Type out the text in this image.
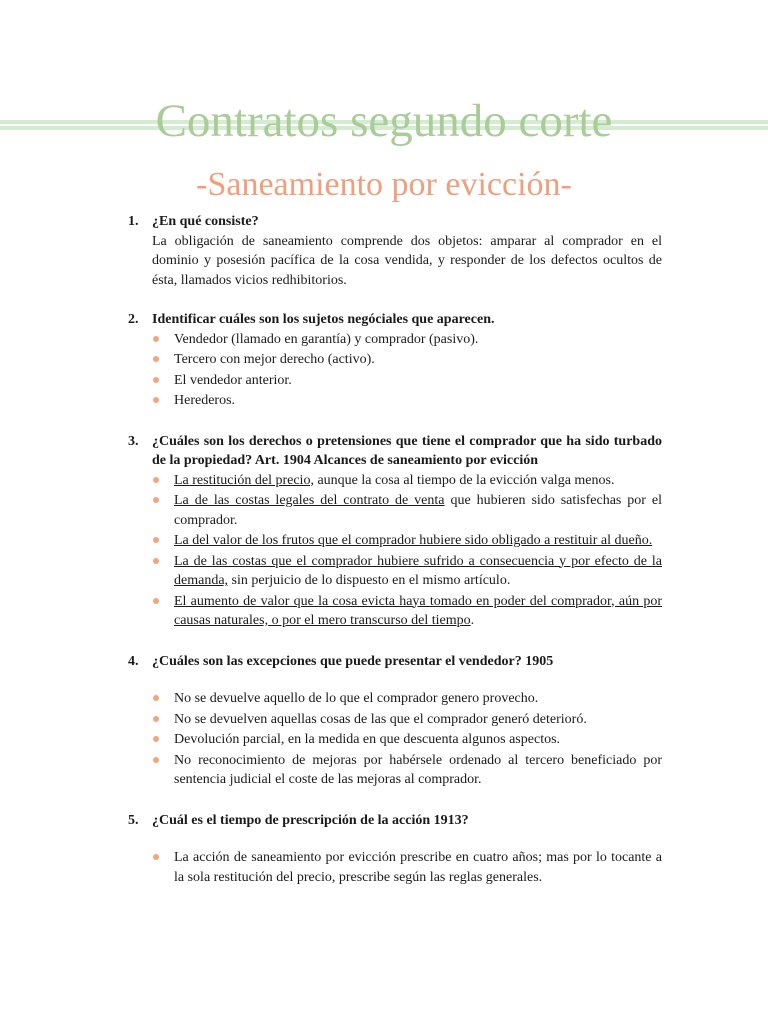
Contratos segundo corte
-Saneamiento por evicción-
1. ¿En qué consiste?

La obligación de saneamiento comprende dos objetos: amparar al comprador en el dominio y posesión pacífica de la cosa vendida, y responder de los defectos ocultos de ésta, llamados vicios redhibitorios.

2. Identificar cuáles son los sujetos negóciales que aparecen.

Vendedor (llamado en garantía) y comprador (pasivo).
Tercero con mejor derecho (activo).
El vendedor anterior.
Herederos.
3. ¿Cuáles son los derechos o pretensiones que tiene el comprador que ha sido turbado de la propiedad? Art. 1904 Alcances de saneamiento por evicción

La restitución del precio, aunque la cosa al tiempo de la evicción valga menos.
La de las costas legales del contrato de venta que hubieren sido satisfechas por el comprador.
La del valor de los frutos que el comprador hubiere sido obligado a restituir al dueño.
La de las costas que el comprador hubiere sufrido a consecuencia y por efecto de la demanda, sin perjuicio de lo dispuesto en el mismo artículo.
El aumento de valor que la cosa evicta haya tomado en poder del comprador, aún por causas naturales, o por el mero transcurso del tiempo.
4. ¿Cuáles son las excepciones que puede presentar el vendedor? 1905

No se devuelve aquello de lo que el comprador genero provecho.
No se devuelven aquellas cosas de las que el comprador generó deterioró.
Devolución parcial, en la medida en que descuenta algunos aspectos.
No reconocimiento de mejoras por habérsele ordenado al tercero beneficiado por sentencia judicial el coste de las mejoras al comprador.
5. ¿Cuál es el tiempo de prescripción de la acción 1913?

La acción de saneamiento por evicción prescribe en cuatro años; mas por lo tocante a la sola restitución del precio, prescribe según las reglas generales.
